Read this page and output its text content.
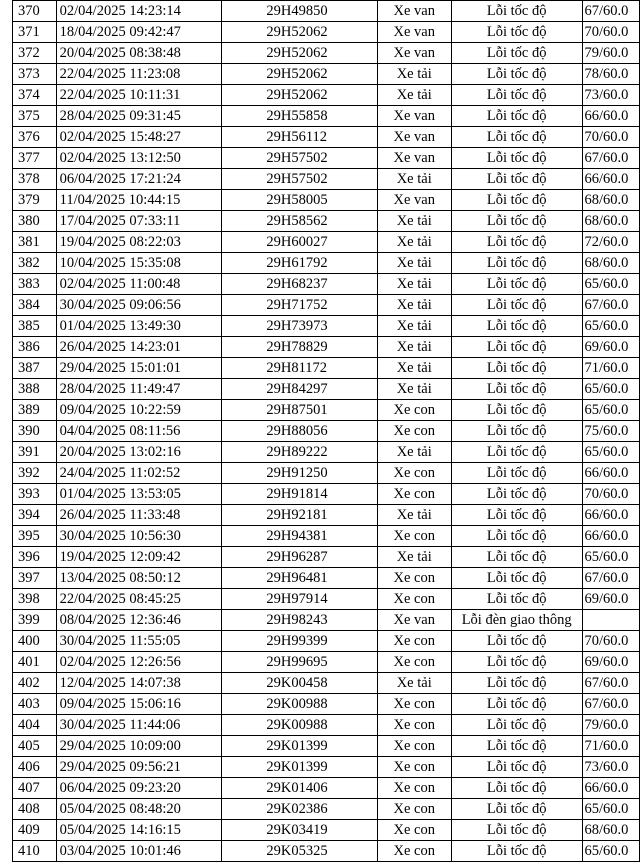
370	02/04/2025 14:23:14	29H49850	Xe van	Lỗi tốc độ	67/60.0
371	18/04/2025 09:42:47	29H52062	Xe van	Lỗi tốc độ	70/60.0
372	20/04/2025 08:38:48	29H52062	Xe van	Lỗi tốc độ	79/60.0
373	22/04/2025 11:23:08	29H52062	Xe tải	Lỗi tốc độ	78/60.0
374	22/04/2025 10:11:31	29H52062	Xe tải	Lỗi tốc độ	73/60.0
375	28/04/2025 09:31:45	29H55858	Xe van	Lỗi tốc độ	66/60.0
376	02/04/2025 15:48:27	29H56112	Xe van	Lỗi tốc độ	70/60.0
377	02/04/2025 13:12:50	29H57502	Xe van	Lỗi tốc độ	67/60.0
378	06/04/2025 17:21:24	29H57502	Xe tải	Lỗi tốc độ	66/60.0
379	11/04/2025 10:44:15	29H58005	Xe van	Lỗi tốc độ	68/60.0
380	17/04/2025 07:33:11	29H58562	Xe tải	Lỗi tốc độ	68/60.0
381	19/04/2025 08:22:03	29H60027	Xe tải	Lỗi tốc độ	72/60.0
382	10/04/2025 15:35:08	29H61792	Xe tải	Lỗi tốc độ	68/60.0
383	02/04/2025 11:00:48	29H68237	Xe tải	Lỗi tốc độ	65/60.0
384	30/04/2025 09:06:56	29H71752	Xe tải	Lỗi tốc độ	67/60.0
385	01/04/2025 13:49:30	29H73973	Xe tải	Lỗi tốc độ	65/60.0
386	26/04/2025 14:23:01	29H78829	Xe tải	Lỗi tốc độ	69/60.0
387	29/04/2025 15:01:01	29H81172	Xe tải	Lỗi tốc độ	71/60.0
388	28/04/2025 11:49:47	29H84297	Xe tải	Lỗi tốc độ	65/60.0
389	09/04/2025 10:22:59	29H87501	Xe con	Lỗi tốc độ	65/60.0
390	04/04/2025 08:11:56	29H88056	Xe con	Lỗi tốc độ	75/60.0
391	20/04/2025 13:02:16	29H89222	Xe tải	Lỗi tốc độ	65/60.0
392	24/04/2025 11:02:52	29H91250	Xe con	Lỗi tốc độ	66/60.0
393	01/04/2025 13:53:05	29H91814	Xe con	Lỗi tốc độ	70/60.0
394	26/04/2025 11:33:48	29H92181	Xe tải	Lỗi tốc độ	66/60.0
395	30/04/2025 10:56:30	29H94381	Xe con	Lỗi tốc độ	66/60.0
396	19/04/2025 12:09:42	29H96287	Xe tải	Lỗi tốc độ	65/60.0
397	13/04/2025 08:50:12	29H96481	Xe con	Lỗi tốc độ	67/60.0
398	22/04/2025 08:45:25	29H97914	Xe con	Lỗi tốc độ	69/60.0
399	08/04/2025 12:36:46	29H98243	Xe van	Lỗi đèn giao thông	
400	30/04/2025 11:55:05	29H99399	Xe con	Lỗi tốc độ	70/60.0
401	02/04/2025 12:26:56	29H99695	Xe con	Lỗi tốc độ	69/60.0
402	12/04/2025 14:07:38	29K00458	Xe tải	Lỗi tốc độ	67/60.0
403	09/04/2025 15:06:16	29K00988	Xe con	Lỗi tốc độ	67/60.0
404	30/04/2025 11:44:06	29K00988	Xe con	Lỗi tốc độ	79/60.0
405	29/04/2025 10:09:00	29K01399	Xe con	Lỗi tốc độ	71/60.0
406	29/04/2025 09:56:21	29K01399	Xe con	Lỗi tốc độ	73/60.0
407	06/04/2025 09:23:20	29K01406	Xe con	Lỗi tốc độ	66/60.0
408	05/04/2025 08:48:20	29K02386	Xe con	Lỗi tốc độ	65/60.0
409	05/04/2025 14:16:15	29K03419	Xe con	Lỗi tốc độ	68/60.0
410	03/04/2025 10:01:46	29K05325	Xe con	Lỗi tốc độ	65/60.0
